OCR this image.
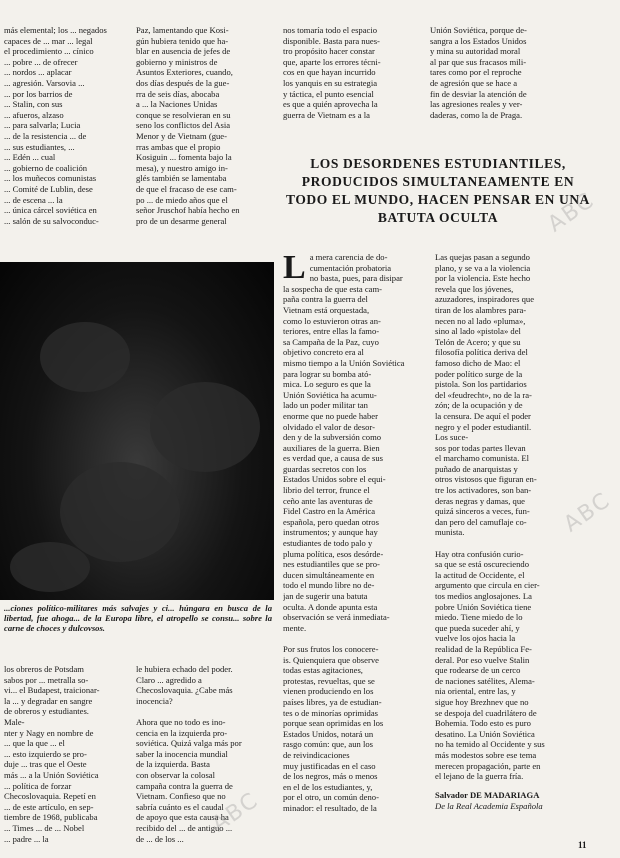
más elemental; los ... negados
capaces de ... mar ... legal
el procedimiento ... cínico
... pobre ... de ofrecer
... nordos ... aplacar
... agresión. Varsovia ...
... por los barrios de
... Stalin, con sus
... afueros, alzaso
... para salvarla; Lucia
... de la resistencia ... de
... sus estudiantes, ...
... Edén ... cual
... gobierno de coalición
... los muñecos comunistas
... Comité de Lublin, dese
... de escena ... la
... única cárcel soviética en
... salón de su salvoconduc-
Paz, lamentando que Kosi-
gún hubiera tenido que ha-
blar en ausencia de jefes de
gobierno y ministros de
Asuntos Exteriores, cuando,
dos días después de la gue-
rra de seis días, abocaba
a ... la Naciones Unidas
conque se resolvieran en su
seno los conflictos del Asia
Menor y de Vietnam (gue-
rras ambas que el propio
Kosiguin ... fomenta bajo la
mesa), y nuestro amigo in-
glés también se lamentaba
de que el fracaso de ese cam-
po ... de miedo años que el
señor Jruschof había hecho en
pro de un desarme general
nos tomaría todo el espacio
disponible. Basta para nues-
tro propósito hacer constar
que, aparte los errores técni-
cos en que hayan incurrido
los yanquis en su estrategia
y táctica, el punto esencial
es que a quién aprovecha la
guerra de Vietnam es a la
Unión Soviética, porque de-
sangra a los Estados Unidos
y mina su autoridad moral
al par que sus fracasos mili-
tares como por el reproche
de agresión que se hace a
fin de desviar la atención de
las agresiones reales y ver-
daderas, como la de Praga.
LOS DESORDENES ESTUDIANTILES, PRODUCIDOS SIMULTANEAMENTE EN TODO EL MUNDO, HACEN PENSAR EN UNA BATUTA OCULTA
...ciones político-militares más salvajes y ci... húngara en busca de la libertad, fue ahoga... de la Europa libre, el atropello se consu... sobre la carne de choces y dulcovsos.
los obreros de Potsdam
sabos por ... metralla so-
vi... el Budapest, traicionar-
la ... y degradar en sangre
de obreros y estudiantes.
Male-
nter y Nagy en nombre de
... que la que ... el
... esto izquierdo se pro-
duje ... tras que el Oeste
más ... a la Unión Soviética
... política de forzar
Checoslovaquia. Repetí en
... de este artículo, en sep-
tiembre de 1968, publicaba
... Times ... de ... Nobel
... padre ... la
le hubiera echado del poder.
Claro ... agredido a
Checoslovaquia. ¿Cabe más
inocencia?

Ahora que no todo es ino-
cencia en la izquierda pro-
soviética. Quizá valga más por
saber la inocencia mundial
de la izquierda. Basta
con observar la colosal
campaña contra la guerra de
Vietnam. Confieso que no
sabría cuánto es el caudal
de apoyo que esta causa ha
recibido del ... de antiguo ...
de ... de los ...
La mera carencia de do-
cumentación probatoria
no basta, pues, para disipar
la sospecha de que esta cam-
paña contra la guerra del
Vietnam está orquestada,
como lo estuvieron otras an-
teriores, entre ellas la famo-
sa Campaña de la Paz, cuyo
objetivo concreto era al
mismo tiempo a la Unión Soviética
para lograr su bomba ató-
mica. Lo seguro es que la
Unión Soviética ha acumu-
lado un poder militar tan
enorme que no puede haber
olvidado el valor de desor-
den y de la subversión como
auxiliares de la guerra. Bien
es verdad que, a causa de sus
guardas secretos con los
Estados Unidos sobre el equi-
librio del terror, frunce el
ceño ante las aventuras de
Fidel Castro en la América
española, pero quedan otros
instrumentos; y aunque hay
estudiantes de todo palo y
pluma política, esos desórde-
nes estudiantiles que se pro-
ducen simultáneamente en
todo el mundo libre no de-
jan de sugerir una batuta
oculta. A donde apunta esta
observación se verá inmediata-
mente.

Por sus frutos los conocere-
is. Quienquiera que observe
todas estas agitaciones,
protestas, revueltas, que se
vienen produciendo en los
países libres, ya de estudian-
tes o de minorías oprimidas
porque sean oprimidas en los
Estados Unidos, notará un
rasgo común: que, aun los
de reivindicaciones
muy justificadas en el caso
de los negros, más o menos
en el de los estudiantes, y,
por el otro, un común deno-
minador: el resultado, de la
Las quejas pasan a segundo
plano, y se va a la violencia
por la violencia. Este hecho
revela que los jóvenes,
azuzadores, inspiradores que
tiran de los alambres para-
necen no al lado «pluma»,
sino al lado «pistola» del
Telón de Acero; y que su
filosofía política deriva del
famoso dicho de Mao: el
poder político surge de la
pistola. Son los partidarios
del «feudrecht», no de la ra-
zón; de la ocupación y de
la censura. De aquí el poder
negro y el poder estudiantil.
Los suce-
sos por todas partes llevan
el marchamo comunista. El
puñado de anarquistas y
otros vistosos que figuran en-
tre los activadores, son ban-
deras negras y damas, que
quizá sinceros a veces, fun-
dan pero del camuflaje co-
munista.

Hay otra confusión curio-
sa que se está oscureciendo
la actitud de Occidente, el
argumento que circula en cier-
tos medios anglosajones. La
pobre Unión Soviética tiene
miedo. Tiene miedo de lo
que pueda suceder ahí, y
vuelve los ojos hacia la
realidad de la República Fe-
deral. Por eso vuelve Stalin
que rodearse de un cerco
de naciones satélites, Alema-
nia oriental, entre las, y
sigue hoy Brezhnev que no
se despoja del cuadrilátero de
Bohemia. Todo esto es puro
desatino. La Unión Soviética
no ha temido al Occidente y sus
más modestos sobre ese tema
merecen propagación, parte en
el lejano de la guerra fría.
Salvador DE MADARIAGA
De la Real Academia Española
11
ABC
ABC
ABC
